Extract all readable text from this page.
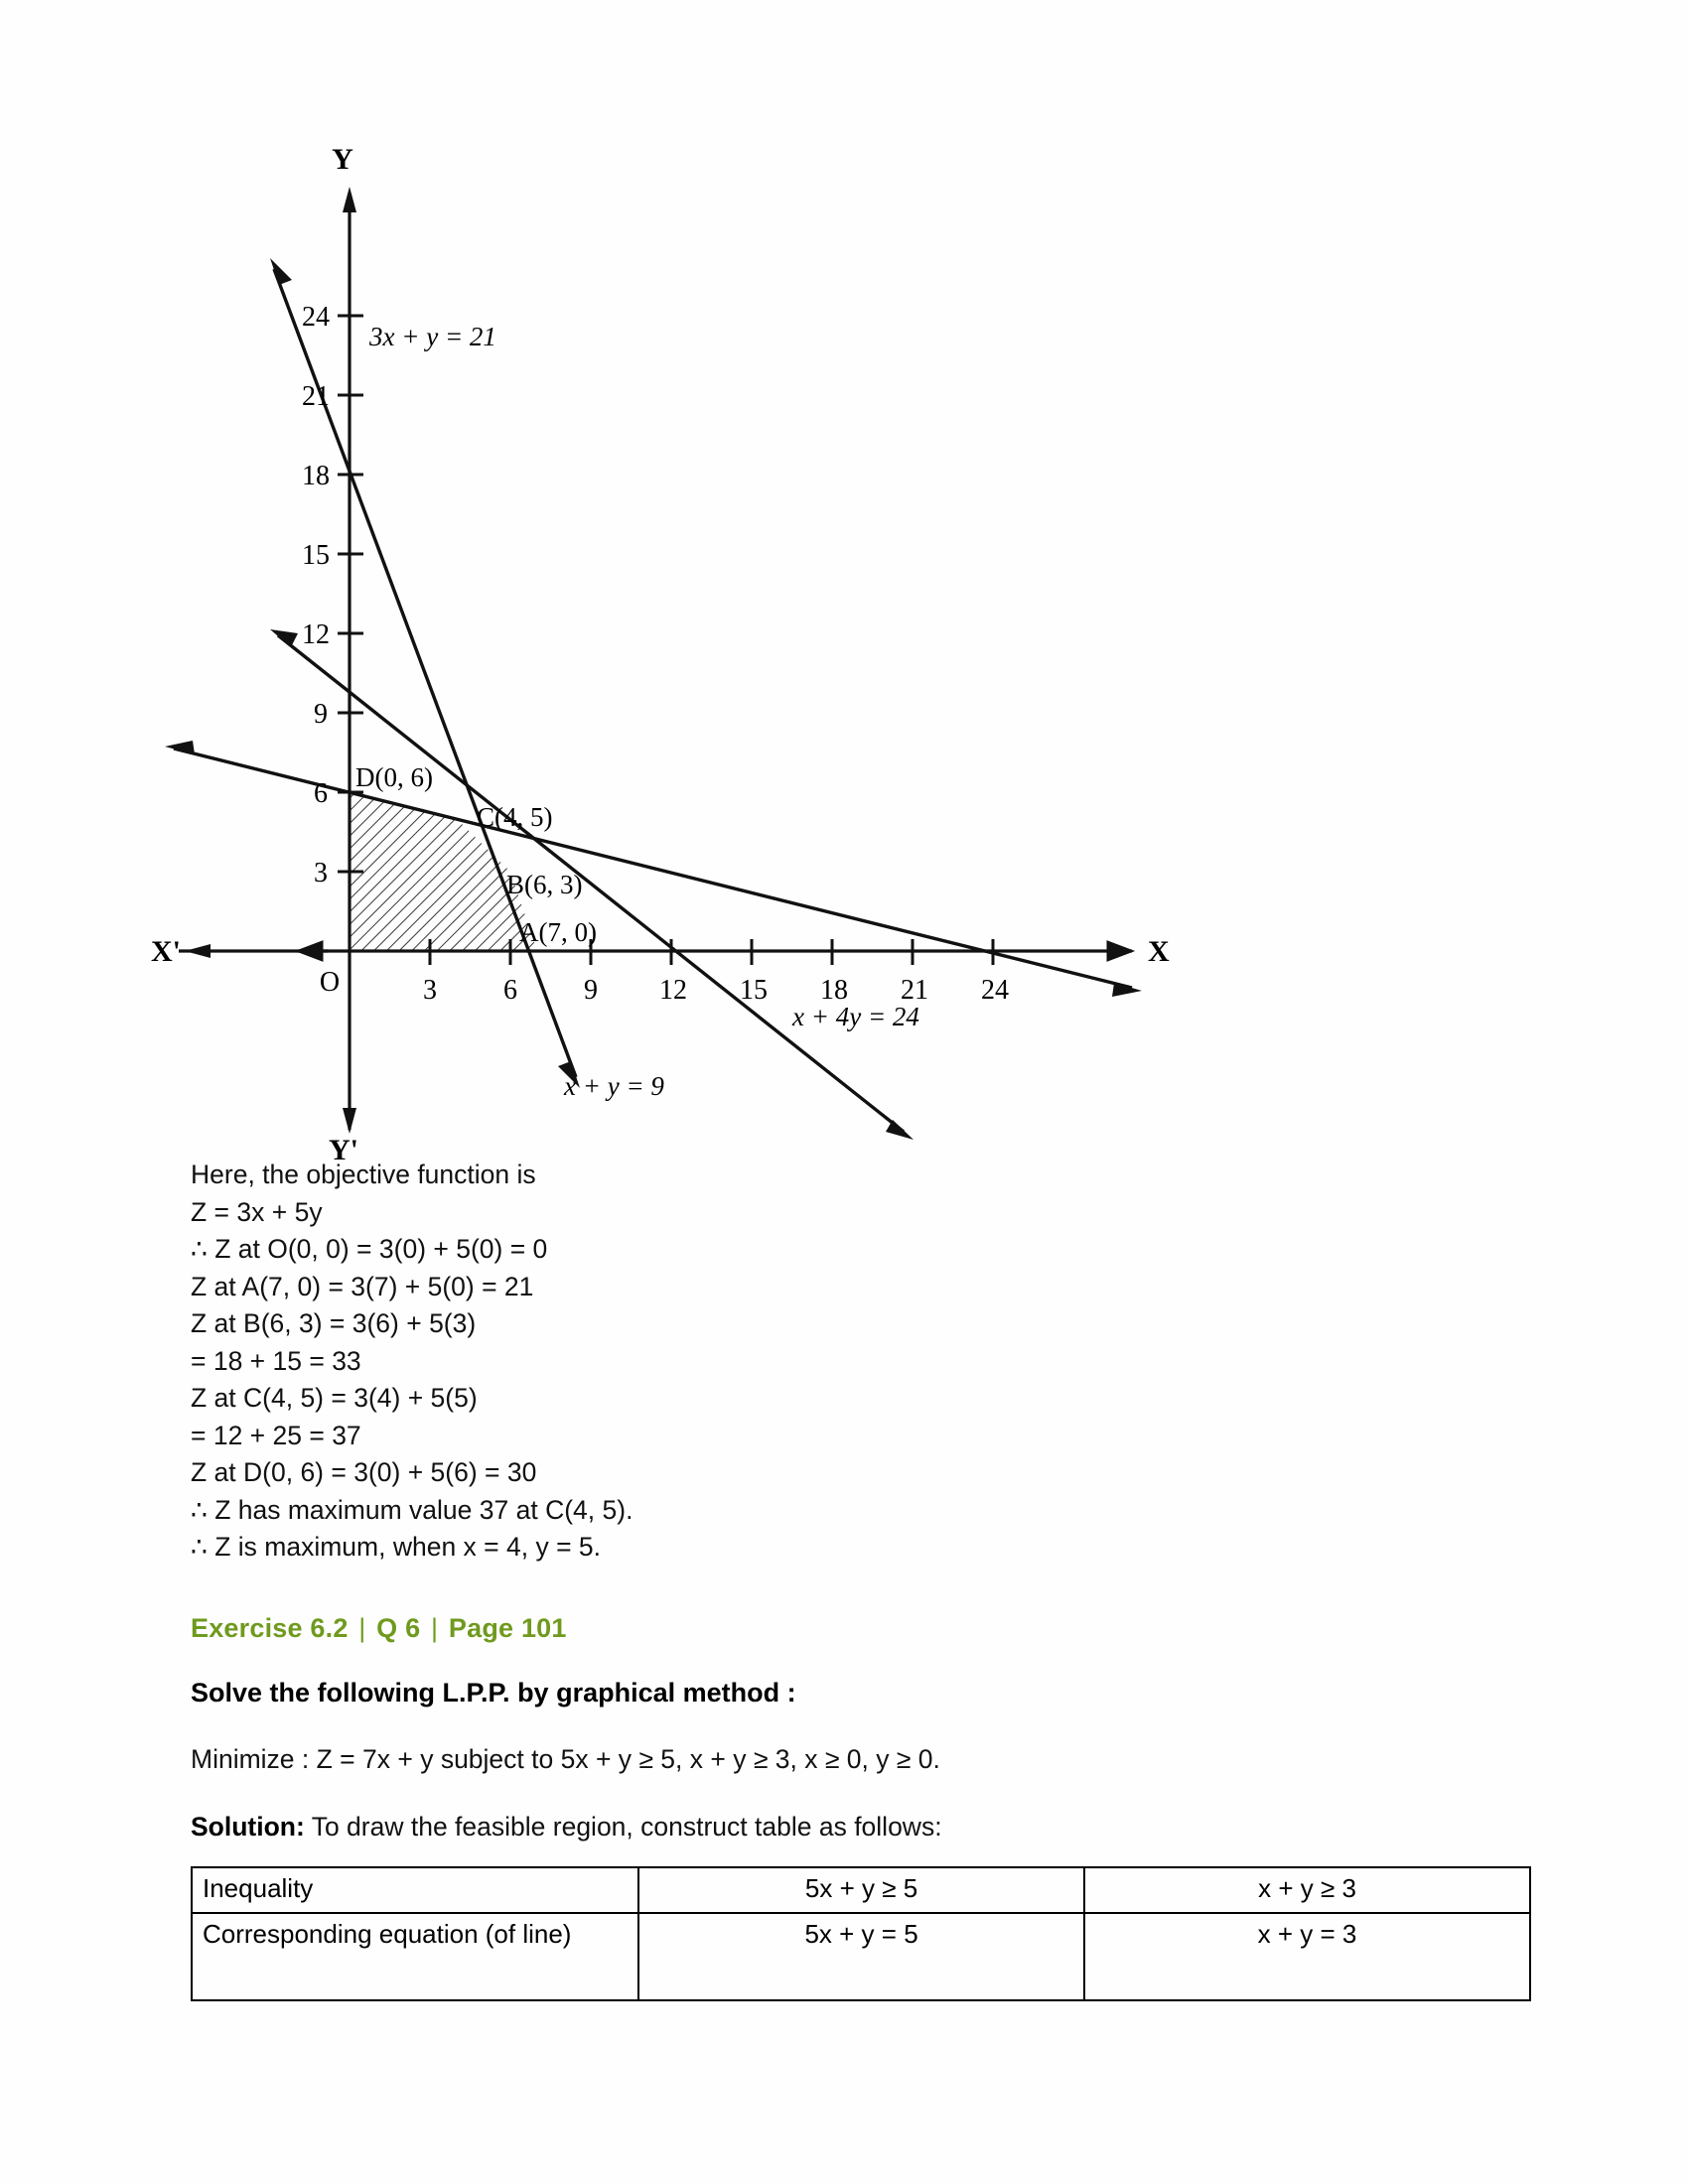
Y
Y'
X
X'
O	3 6 9 12 15 18 21 24
3
6
9
12
15
18
21
24
D(0, 6)
C(4, 5)
B(6, 3)
A(7, 0)
3x + y = 21
x + 4y = 24
x + y = 9
Here, the objective function is
Z = 3x + 5y
∴ Z at O(0, 0) = 3(0) + 5(0) = 0
Z at A(7, 0) = 3(7) + 5(0) = 21
Z at B(6, 3) = 3(6) + 5(3)
= 18 + 15 = 33
Z at C(4, 5) = 3(4) + 5(5)
= 12 + 25 = 37
Z at D(0, 6) = 3(0) + 5(6) = 30
∴ Z has maximum value 37 at C(4, 5).
∴ Z is maximum, when x = 4, y = 5.
Exercise 6.2 | Q 6 | Page 101
Solve the following L.P.P. by graphical method :
Minimize : Z = 7x + y subject to 5x + y ≥ 5, x + y ≥ 3, x ≥ 0, y ≥ 0.
Solution: To draw the feasible region, construct table as follows:
Inequality	5x + y ≥ 5	x + y ≥ 3
Corresponding equation (of line)	5x + y = 5	x + y = 3
